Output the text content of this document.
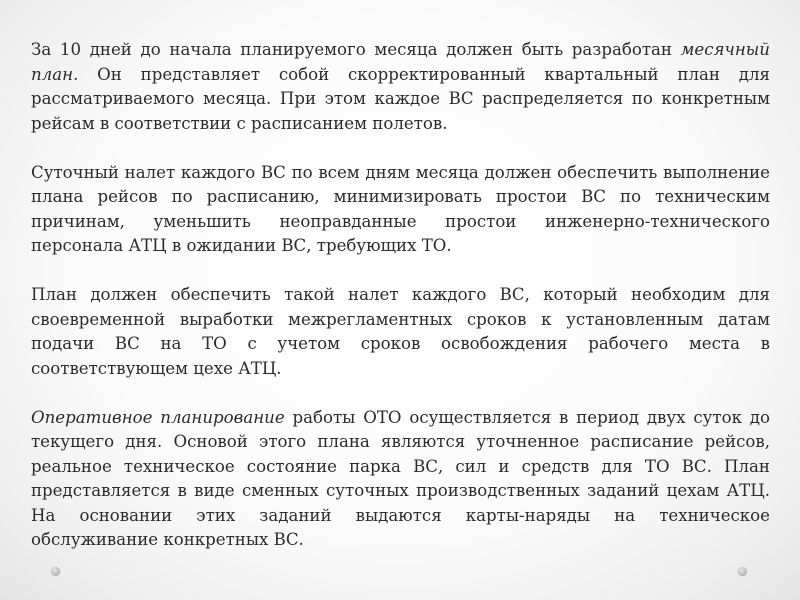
За 10 дней до начала планируемого месяца должен быть разработан месячный план. Он представляет собой скорректированный квартальный план для рассматриваемого месяца. При этом каждое ВС распределяется по конкретным рейсам в соответствии с расписанием полетов.

Суточный налет каждого ВС по всем дням месяца должен обеспечить выполнение плана рейсов по расписанию, минимизировать простои ВС по техническим причинам, уменьшить неоправданные простои инженерно-технического персонала АТЦ в ожидании ВС, требующих ТО.

План должен обеспечить такой налет каждого ВС, который необходим для своевременной выработки межрегламентных сроков к установленным датам подачи ВС на ТО с учетом сроков освобождения рабочего места в соответствующем цехе АТЦ.

Оперативное планирование работы ОТО осуществляется в период двух суток до текущего дня. Основой этого плана являются уточненное расписание рейсов, реальное техническое состояние парка ВС, сил и средств для ТО ВС. План представляется в виде сменных суточных производственных заданий цехам АТЦ. На основании этих заданий выдаются карты-наряды на техническое обслуживание конкретных ВС.
